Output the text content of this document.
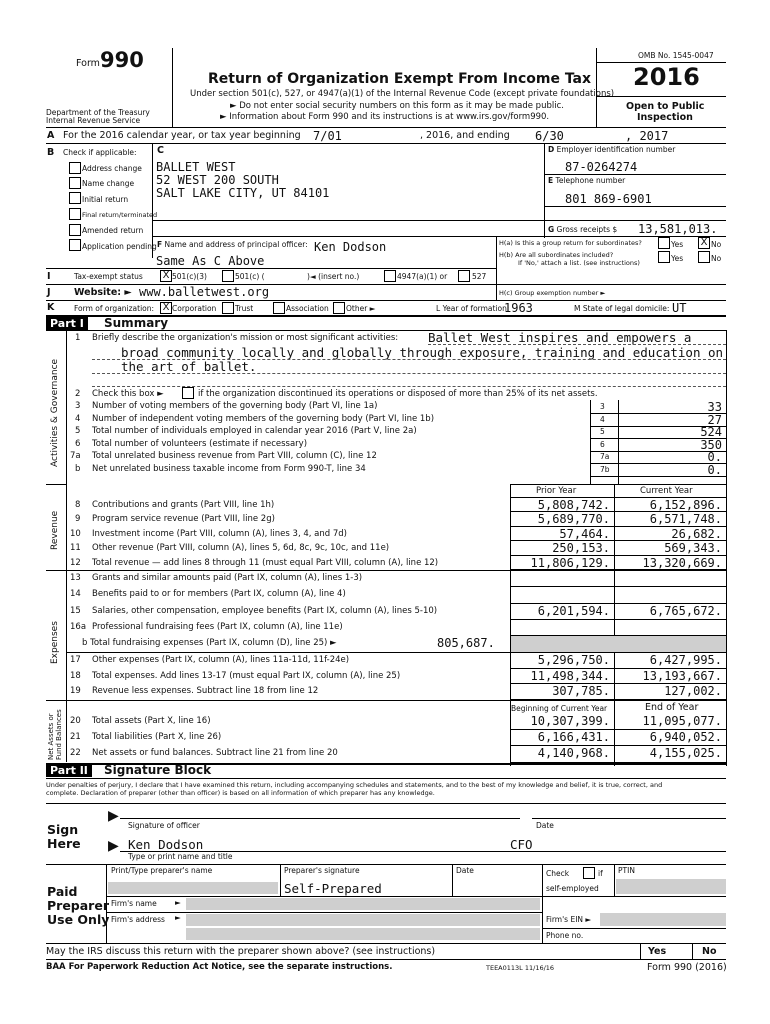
Form 990
Department of the Treasury
Internal Revenue Service
Return of Organization Exempt From Income Tax
Under section 501(c), 527, or 4947(a)(1) of the Internal Revenue Code (except private foundations)
► Do not enter social security numbers on this form as it may be made public.
► Information about Form 990 and its instructions is at www.irs.gov/form990.
OMB No. 1545-0047
2016
Open to Public
Inspection
A For the 2016 calendar year, or tax year beginning 7/01	, 2016, and ending 6/30	, 2017
B Check if applicable: C
Address change
Name change
Initial return
Final return/terminated
Amended return
Application pending
BALLET WEST
52 WEST 200 SOUTH
SALT LAKE CITY, UT 84101
D Employer identification number
87-0264274
E Telephone number
801 869-6901
G Gross receipts $ 13,581,013.
F Name and address of principal officer: Ken Dodson
Same As C Above
H(a) Is this a group return for subordinates?	Yes X No
H(b) Are all subordinates included?
If 'No,' attach a list. (see instructions)	Yes	No
I	Tax-exempt status X 501(c)(3)	501(c) (	)◄ (insert no.)	4947(a)(1) or	527
J Website: ► www.balletwest.org	H(c) Group exemption number ►
K	Form of organization: X Corporation Trust	Association Other ►	L Year of formation:
1963	M State of legal domicile: UT
Part I	Summary
Activities & Governance
Revenue
Expenses
Net Assets or Fund Balances
1 Briefly describe the organization's mission or most significant activities: Ballet West inspires and empowers a
broad community locally and globally through exposure, training and education on
the art of ballet.
2 Check this box ►	if the organization discontinued its operations or disposed of more than 25% of its net assets.
3 Number of voting members of the governing body (Part VI, line 1a)	3	33
4 Number of independent voting members of the governing body (Part VI, line 1b)	4	27
5 Total number of individuals employed in calendar year 2016 (Part V, line 2a)	5	524
6 Total number of volunteers (estimate if necessary)	6	350
7a Total unrelated business revenue from Part VIII, column (C), line 12	7a	0.
b Net unrelated business taxable income from Form 990-T, line 34	7b	0.
Prior Year	Current Year
8 Contributions and grants (Part VIII, line 1h)	5,808,742.	6,152,896.
9 Program service revenue (Part VIII, line 2g)	5,689,770.	6,571,748.
10 Investment income (Part VIII, column (A), lines 3, 4, and 7d)	57,464.	26,682.
11 Other revenue (Part VIII, column (A), lines 5, 6d, 8c, 9c, 10c, and 11e)	250,153.	569,343.
12 Total revenue — add lines 8 through 11 (must equal Part VIII, column (A), line 12)	11,806,129.	13,320,669.
13 Grants and similar amounts paid (Part IX, column (A), lines 1-3)
14 Benefits paid to or for members (Part IX, column (A), line 4)
15 Salaries, other compensation, employee benefits (Part IX, column (A), lines 5-10)	6,201,594.	6,765,672.
16a Professional fundraising fees (Part IX, column (A), line 11e)
b Total fundraising expenses (Part IX, column (D), line 25) ►	805,687.
17 Other expenses (Part IX, column (A), lines 11a-11d, 11f-24e)	5,296,750.	6,427,995.
18 Total expenses. Add lines 13-17 (must equal Part IX, column (A), line 25)	11,498,344.	13,193,667.
19 Revenue less expenses. Subtract line 18 from line 12	307,785.	127,002.
Beginning of Current Year	End of Year
20 Total assets (Part X, line 16)	10,307,399.	11,095,077.
21 Total liabilities (Part X, line 26)	6,166,431.	6,940,052.
22 Net assets or fund balances. Subtract line 21 from line 20	4,140,968.	4,155,025.
Part II	Signature Block
Under penalties of perjury, I declare that I have examined this return, including accompanying schedules and statements, and to the best of my knowledge and belief, it is true, correct, and
complete. Declaration of preparer (other than officer) is based on all information of which preparer has any knowledge.
Sign
Here
▶
Signature of officer	Date
▶ Ken Dodson	CFO
Type or print name and title
Paid
Preparer
Use Only
Print/Type preparer's name	Preparer's signature	Date	Check	if
self-employed
PTIN
Self-Prepared
Firm's name ►
Firm's address ►	Firm's EIN ►
Phone no.
May the IRS discuss this return with the preparer shown above? (see instructions)	Yes	No
BAA For Paperwork Reduction Act Notice, see the separate instructions.	TEEA0113L 11/16/16	Form 990 (2016)
